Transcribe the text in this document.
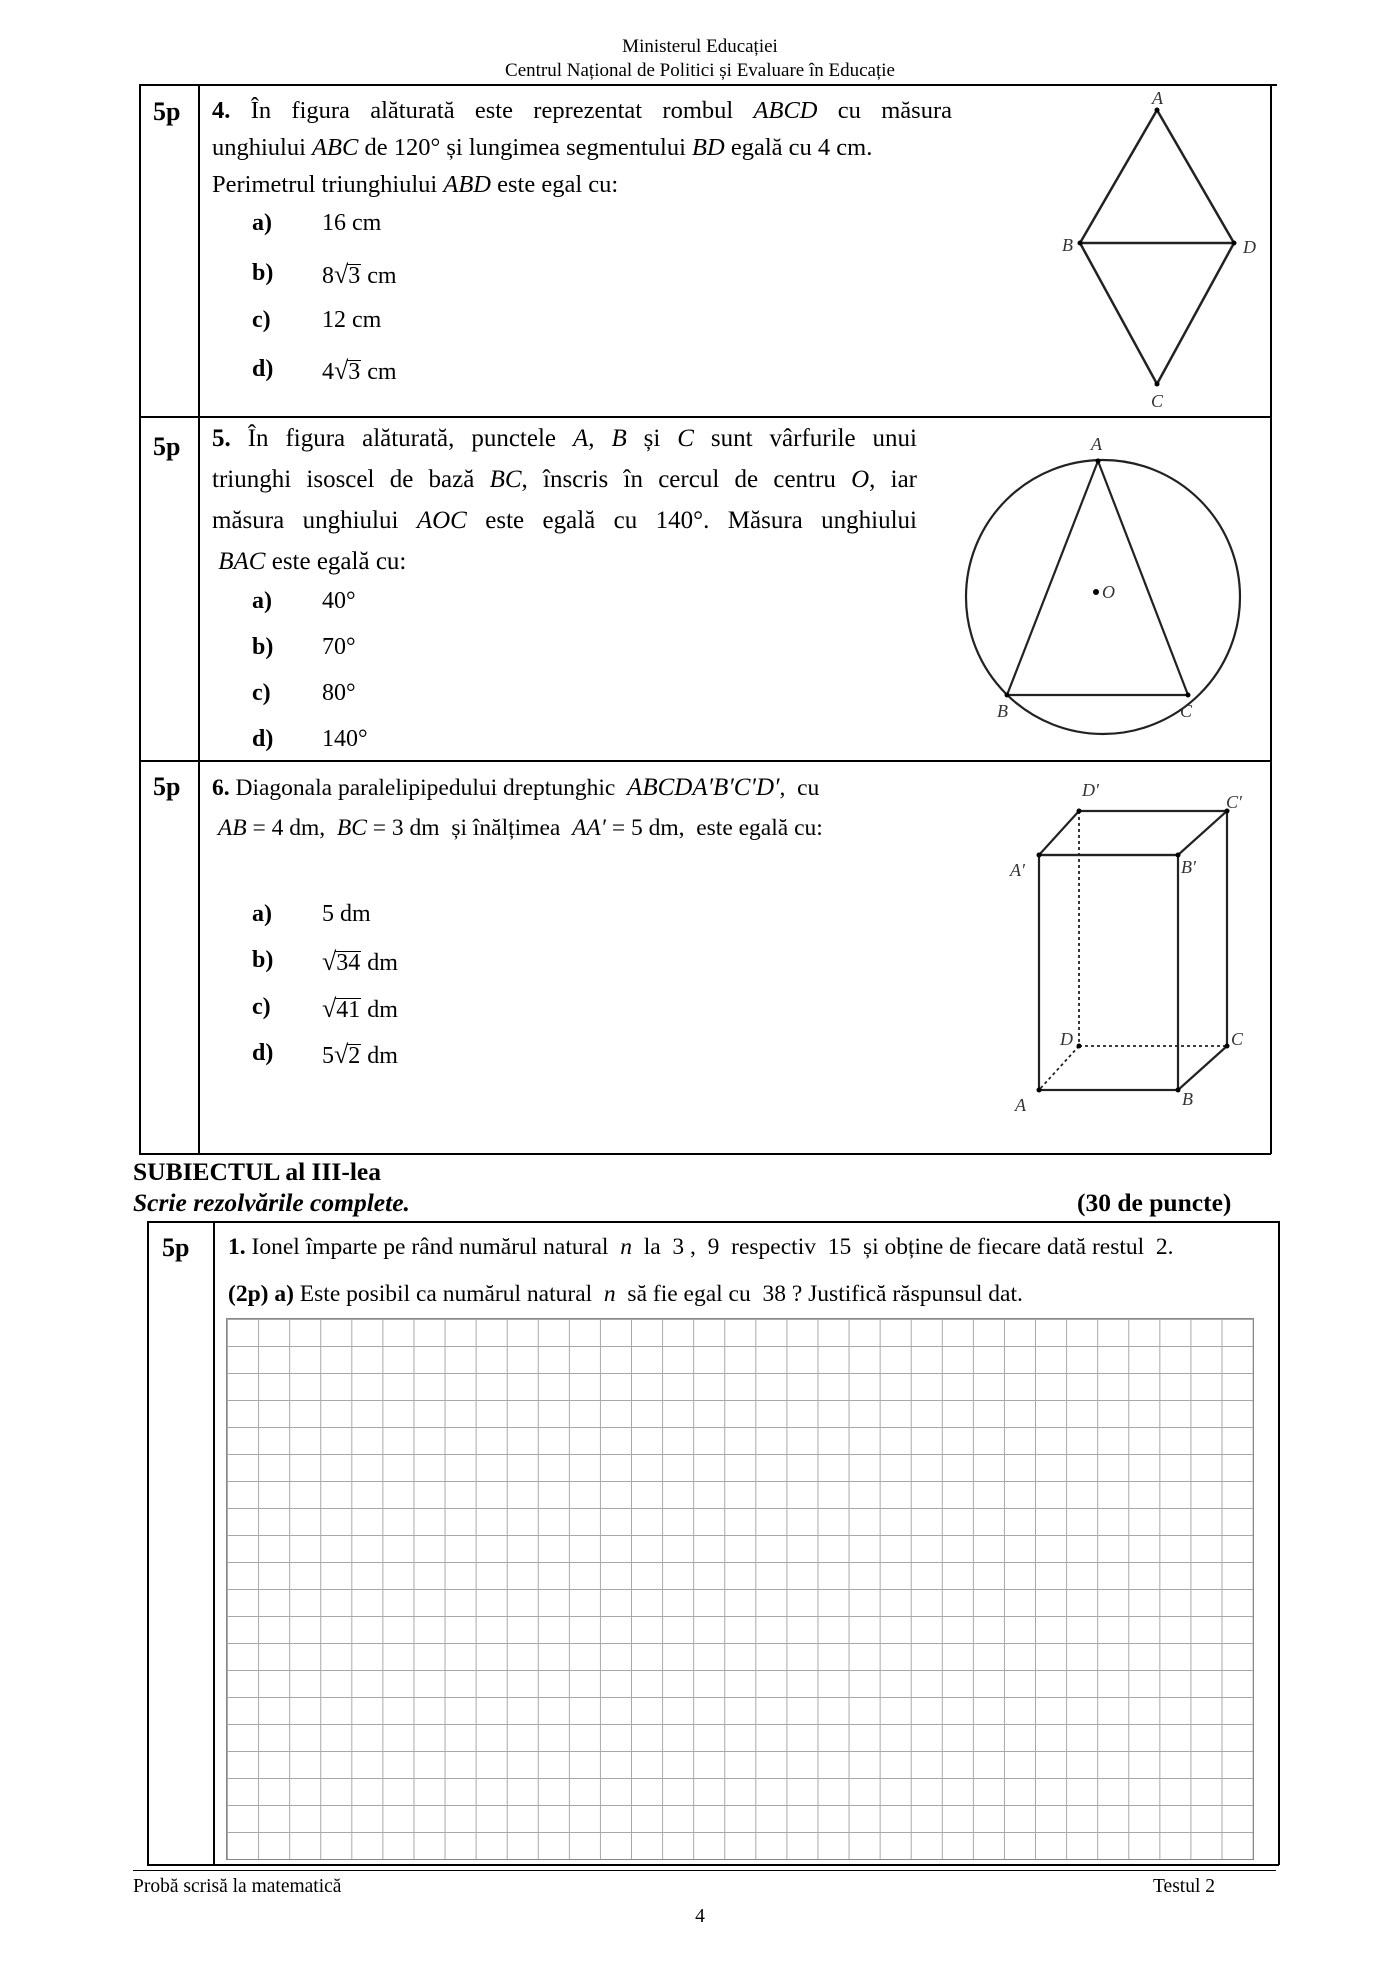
Ministerul Educației
Centrul Național de Politici și Evaluare în Educație
5p 4. În figura alăturată este reprezentat rombul ABCD cu măsura
unghiului ABC de 120° și lungimea segmentului BD egală cu 4 cm.
Perimetrul triunghiului ABD este egal cu:
a) 16 cm
b) 8√3 cm
c) 12 cm
d) 4√3 cm
A
B	D
C
5p 5. În figura alăturată, punctele A, B și C sunt vârfurile unui
triunghi isoscel de bază BC, înscris în cercul de centru O, iar
măsura unghiului AOC este egală cu 140°. Măsura unghiului
BAC este egală cu:
a) 40°
b) 70°
c) 80°
d) 140°
A
O
B	C
5p 6. Diagonala paralelipipedului dreptunghic  ABCDA′B′C′D′,  cu
AB = 4 dm,  BC = 3 dm  și înălțimea  AA′ = 5 dm,  este egală cu:
a) 5 dm
b) √34 dm
c) √41 dm
d) 5√2 dm
D′
C′
A′	B′
D	C
A	B
SUBIECTUL al III-lea
Scrie rezolvările complete.	(30 de puncte)
5p 1. Ionel împarte pe rând numărul natural  n  la  3 ,  9  respectiv  15  și obține de fiecare dată restul  2.
(2p) a) Este posibil ca numărul natural  n  să fie egal cu  38 ? Justifică răspunsul dat.
Probă scrisă la matematică	Testul 2
4
